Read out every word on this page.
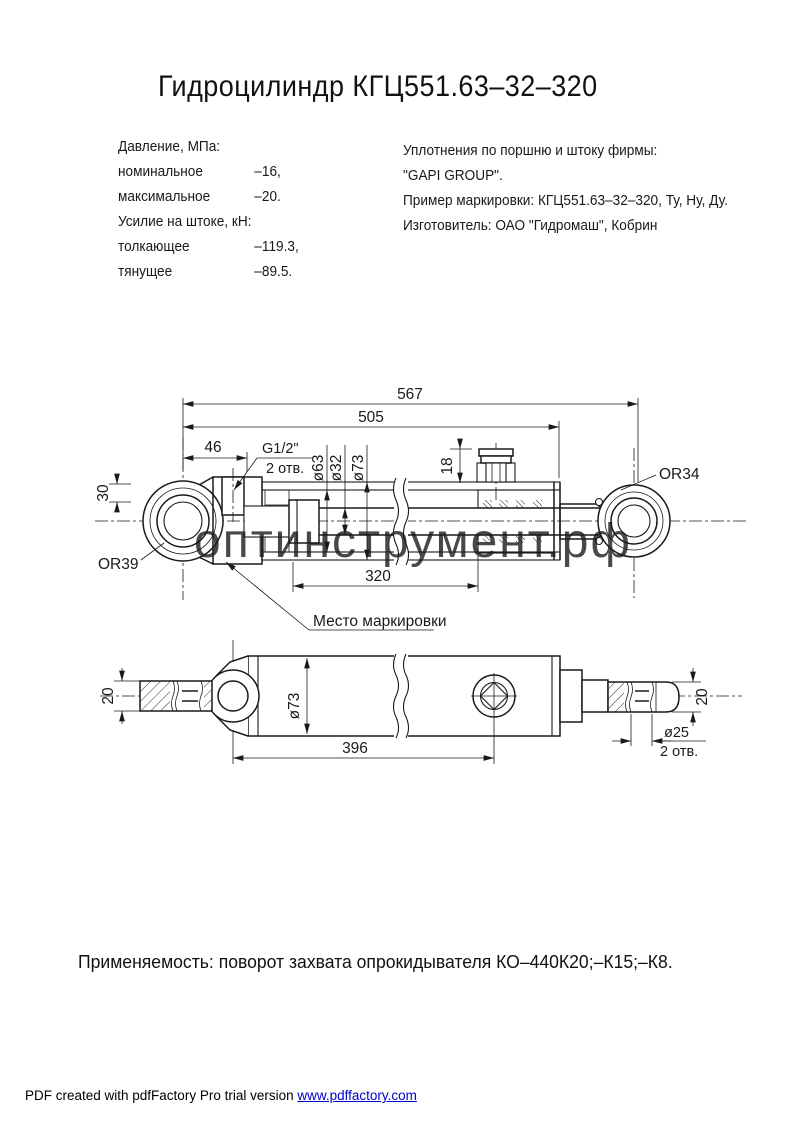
Гидроцилиндр КГЦ551.63–32–320
Давление, МПа:
номинальное	–16,
максимальное	–20.
Усилие на штоке, кН:
толкающее	–119.3,
тянущее	–89.5.
Уплотнения по поршню и штоку фирмы:
"GAPI GROUP".
Пример маркировки: КГЦ551.63–32–320, Ту, Ну, Ду.
Изготовитель: ОАО "Гидромаш", Кобрин
567
505
46	G1/2"
2 отв. ø63 ø32 ø73	18	OR34
OR39
30
320
Место маркировки
20	ø73	20
ø25
2 отв.
396
оптинструмент.рф
Применяемость: поворот захвата опрокидывателя КО–440К20;–К15;–К8.
PDF created with pdfFactory Pro trial version www.pdffactory.com
